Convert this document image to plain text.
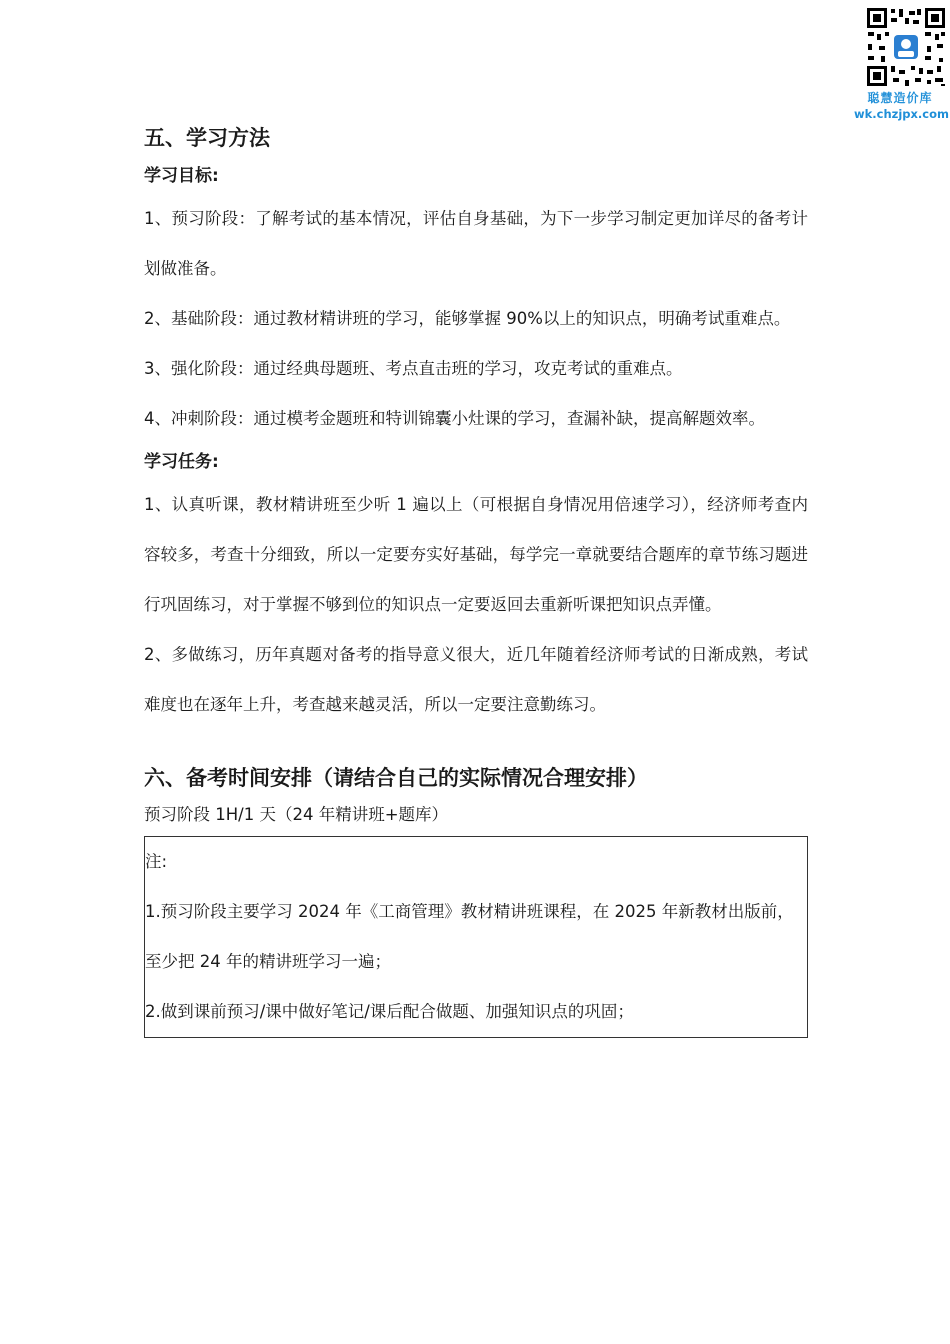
聪慧造价库
wk.chzjpx.com
五、学习方法
学习目标:

1、预习阶段：了解考试的基本情况，评估自身基础，为下一步学习制定更加详尽的备考计划做准备。

2、基础阶段：通过教材精讲班的学习，能够掌握 90%以上的知识点，明确考试重难点。

3、强化阶段：通过经典母题班、考点直击班的学习，攻克考试的重难点。

4、冲刺阶段：通过模考金题班和特训锦囊小灶课的学习，查漏补缺，提高解题效率。

学习任务:

1、认真听课，教材精讲班至少听 1 遍以上（可根据自身情况用倍速学习），经济师考查内容较多，考查十分细致，所以一定要夯实好基础，每学完一章就要结合题库的章节练习题进行巩固练习，对于掌握不够到位的知识点一定要返回去重新听课把知识点弄懂。

2、多做练习，历年真题对备考的指导意义很大，近几年随着经济师考试的日渐成熟，考试难度也在逐年上升，考查越来越灵活，所以一定要注意勤练习。

六、备考时间安排（请结合自己的实际情况合理安排）

预习阶段 1H/1 天（24 年精讲班+题库）

注:

1.预习阶段主要学习 2024 年《工商管理》教材精讲班课程，在 2025 年新教材出版前，至少把 24 年的精讲班学习一遍；

2.做到课前预习/课中做好笔记/课后配合做题、加强知识点的巩固；
